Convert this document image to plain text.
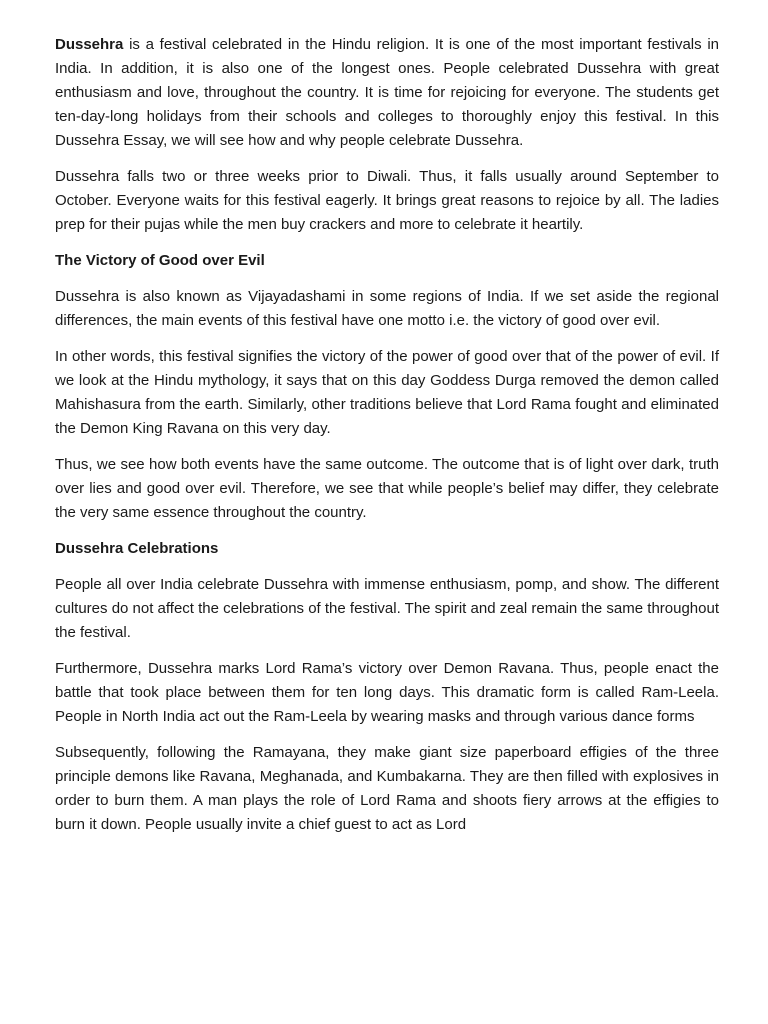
Dussehra is a festival celebrated in the Hindu religion. It is one of the most important festivals in India. In addition, it is also one of the longest ones. People celebrated Dussehra with great enthusiasm and love, throughout the country. It is time for rejoicing for everyone. The students get ten-day-long holidays from their schools and colleges to thoroughly enjoy this festival. In this Dussehra Essay, we will see how and why people celebrate Dussehra.

Dussehra falls two or three weeks prior to Diwali. Thus, it falls usually around September to October. Everyone waits for this festival eagerly. It brings great reasons to rejoice by all. The ladies prep for their pujas while the men buy crackers and more to celebrate it heartily.

The Victory of Good over Evil

Dussehra is also known as Vijayadashami in some regions of India. If we set aside the regional differences, the main events of this festival have one motto i.e. the victory of good over evil.

In other words, this festival signifies the victory of the power of good over that of the power of evil. If we look at the Hindu mythology, it says that on this day Goddess Durga removed the demon called Mahishasura from the earth. Similarly, other traditions believe that Lord Rama fought and eliminated the Demon King Ravana on this very day.

Thus, we see how both events have the same outcome. The outcome that is of light over dark, truth over lies and good over evil. Therefore, we see that while people’s belief may differ, they celebrate the very same essence throughout the country.

Dussehra Celebrations

People all over India celebrate Dussehra with immense enthusiasm, pomp, and show. The different cultures do not affect the celebrations of the festival. The spirit and zeal remain the same throughout the festival.

Furthermore, Dussehra marks Lord Rama’s victory over Demon Ravana. Thus, people enact the battle that took place between them for ten long days. This dramatic form is called Ram-Leela. People in North India act out the Ram-Leela by wearing masks and through various dance forms

Subsequently, following the Ramayana, they make giant size paperboard effigies of the three principle demons like Ravana, Meghanada, and Kumbakarna. They are then filled with explosives in order to burn them. A man plays the role of Lord Rama and shoots fiery arrows at the effigies to burn it down. People usually invite a chief guest to act as Lord
